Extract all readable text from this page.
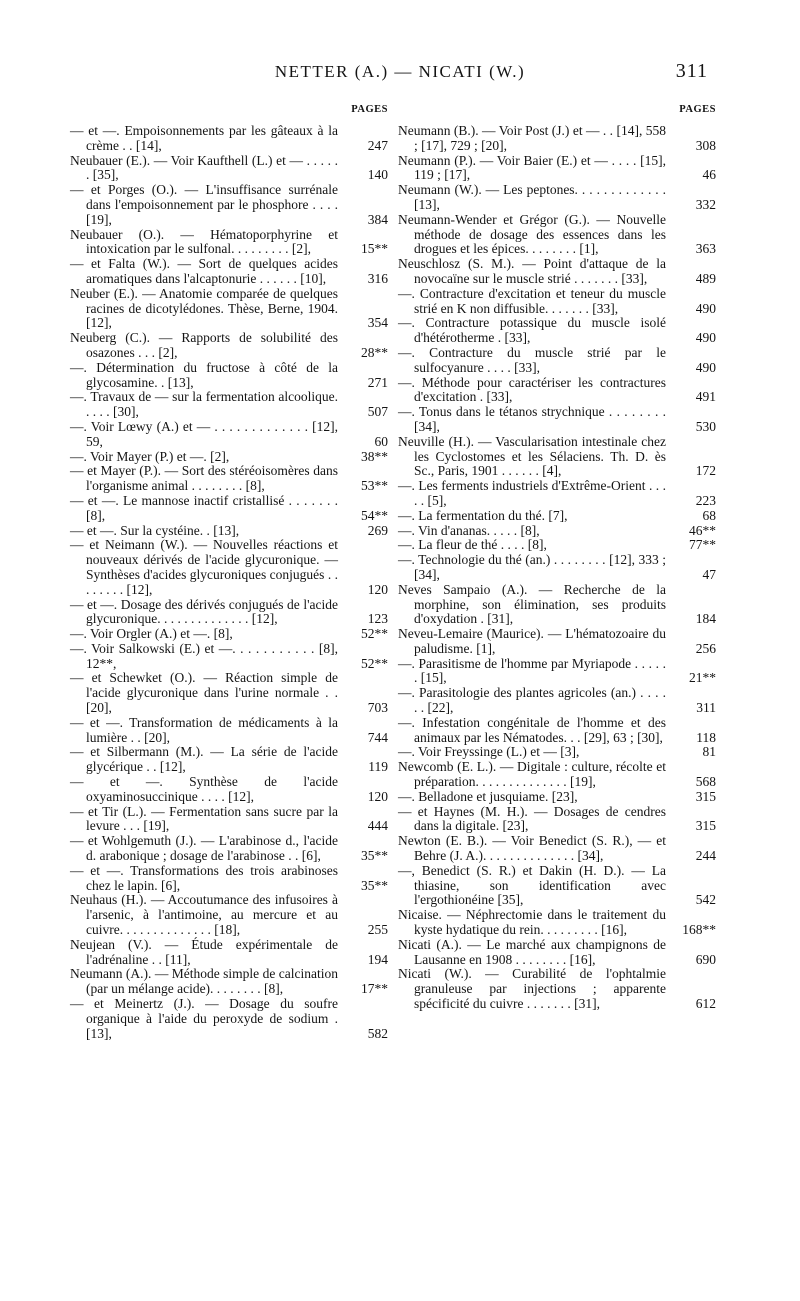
NETTER (A.) — NICATI (W.)	311
PAGES
— et —. Empoisonnements par les gâteaux à la crème . . [14],	247
Neubauer (E.). — Voir Kaufthell (L.) et — . . . . . . [35],	140
— et Porges (O.). — L'insuffisance surrénale dans l'empoisonnement par le phosphore . . . . [19],	384
Neubauer (O.). — Hématoporphyrine et intoxication par le sulfonal. . . . . . . . . [2],	15**
— et Falta (W.). — Sort de quelques acides aromatiques dans l'alcaptonurie . . . . . . [10],	316
Neuber (E.). — Anatomie comparée de quelques racines de dicotylédones. Thèse, Berne, 1904. [12],	354
Neuberg (C.). — Rapports de solubilité des osazones . . . [2],	28**
—. Détermination du fructose à côté de la glycosamine. . [13],	271
—. Travaux de — sur la fermentation alcoolique. . . . . [30],	507
—. Voir Lœwy (A.) et — . . . . . . . . . . . . . [12], 59,	60
—. Voir Mayer (P.) et —. [2],	38**
— et Mayer (P.). — Sort des stéréoisomères dans l'organisme animal . . . . . . . . [8],	53**
— et —. Le mannose inactif cristallisé . . . . . . . [8],	54**
— et —. Sur la cystéine. . [13],	269
— et Neimann (W.). — Nouvelles réactions et nouveaux dérivés de l'acide glycuronique. — Synthèses d'acides glycuroniques conjugués . . . . . . . . [12],	120
— et —. Dosage des dérivés conjugués de l'acide glycuronique. . . . . . . . . . . . . . [12],	123
—. Voir Orgler (A.) et —. [8],	52**
—. Voir Salkowski (E.) et —. . . . . . . . . . . [8], 12**,	52**
— et Schewket (O.). — Réaction simple de l'acide glycuronique dans l'urine normale . . [20],	703
— et —. Transformation de médicaments à la lumière . . [20],	744
— et Silbermann (M.). — La série de l'acide glycérique . . [12],	119
— et —. Synthèse de l'acide oxyaminosuccinique . . . . [12],	120
— et Tir (L.). — Fermentation sans sucre par la levure . . . [19],	444
— et Wohlgemuth (J.). — L'arabinose d., l'acide d. arabonique ; dosage de l'arabinose . . [6],	35**
— et —. Transformations des trois arabinoses chez le lapin. [6],	35**
Neuhaus (H.). — Accoutumance des infusoires à l'arsenic, à l'antimoine, au mercure et au cuivre. . . . . . . . . . . . . . [18],	255
Neujean (V.). — Étude expérimentale de l'adrénaline . . [11],	194
Neumann (A.). — Méthode simple de calcination (par un mélange acide). . . . . . . . [8],	17**
— et Meinertz (J.). — Dosage du soufre organique à l'aide du peroxyde de sodium . [13],	582
PAGES
Neumann (B.). — Voir Post (J.) et — . . [14], 558 ; [17], 729 ; [20],	308
Neumann (P.). — Voir Baier (E.) et — . . . . [15], 119 ; [17],	46
Neumann (W.). — Les peptones. . . . . . . . . . . . . [13],	332
Neumann-Wender et Grégor (G.). — Nouvelle méthode de dosage des essences dans les drogues et les épices. . . . . . . . [1],	363
Neuschlosz (S. M.). — Point d'attaque de la novocaïne sur le muscle strié . . . . . . . [33],	489
—. Contracture d'excitation et teneur du muscle strié en K non diffusible. . . . . . . [33],	490
—. Contracture potassique du muscle isolé d'hétérotherme . [33],	490
—. Contracture du muscle strié par le sulfocyanure . . . . [33],	490
—. Méthode pour caractériser les contractures d'excitation . [33],	491
—. Tonus dans le tétanos strychnique . . . . . . . . [34],	530
Neuville (H.). — Vascularisation intestinale chez les Cyclostomes et les Sélaciens. Th. D. ès Sc., Paris, 1901 . . . . . . [4],	172
—. Les ferments industriels d'Extrême-Orient . . . . . [5],	223
—. La fermentation du thé. [7],	68
—. Vin d'ananas. . . . . [8],	46**
—. La fleur de thé . . . . [8],	77**
—. Technologie du thé (an.) . . . . . . . . [12], 333 ; [34],	47
Neves Sampaio (A.). — Recherche de la morphine, son élimination, ses produits d'oxydation . [31],	184
Neveu-Lemaire (Maurice). — L'hématozoaire du paludisme. [1],	256
—. Parasitisme de l'homme par Myriapode . . . . . . [15],	21**
—. Parasitologie des plantes agricoles (an.) . . . . . . [22],	311
—. Infestation congénitale de l'homme et des animaux par les Nématodes. . . [29], 63 ; [30],	118
—. Voir Freyssinge (L.) et — [3],	81
Newcomb (E. L.). — Digitale : culture, récolte et préparation. . . . . . . . . . . . . . [19],	568
—. Belladone et jusquiame. [23],	315
— et Haynes (M. H.). — Dosages de cendres dans la digitale. [23],	315
Newton (E. B.). — Voir Benedict (S. R.), — et Behre (J. A.). . . . . . . . . . . . . . [34],	244
—, Benedict (S. R.) et Dakin (H. D.). — La thiasine, son identification avec l'ergothionéine [35],	542
Nicaise. — Néphrectomie dans le traitement du kyste hydatique du rein. . . . . . . . . [16],	168**
Nicati (A.). — Le marché aux champignons de Lausanne en 1908 . . . . . . . . [16],	690
Nicati (W.). — Curabilité de l'ophtalmie granuleuse par injections ; apparente spécificité du cuivre . . . . . . . [31],	612
